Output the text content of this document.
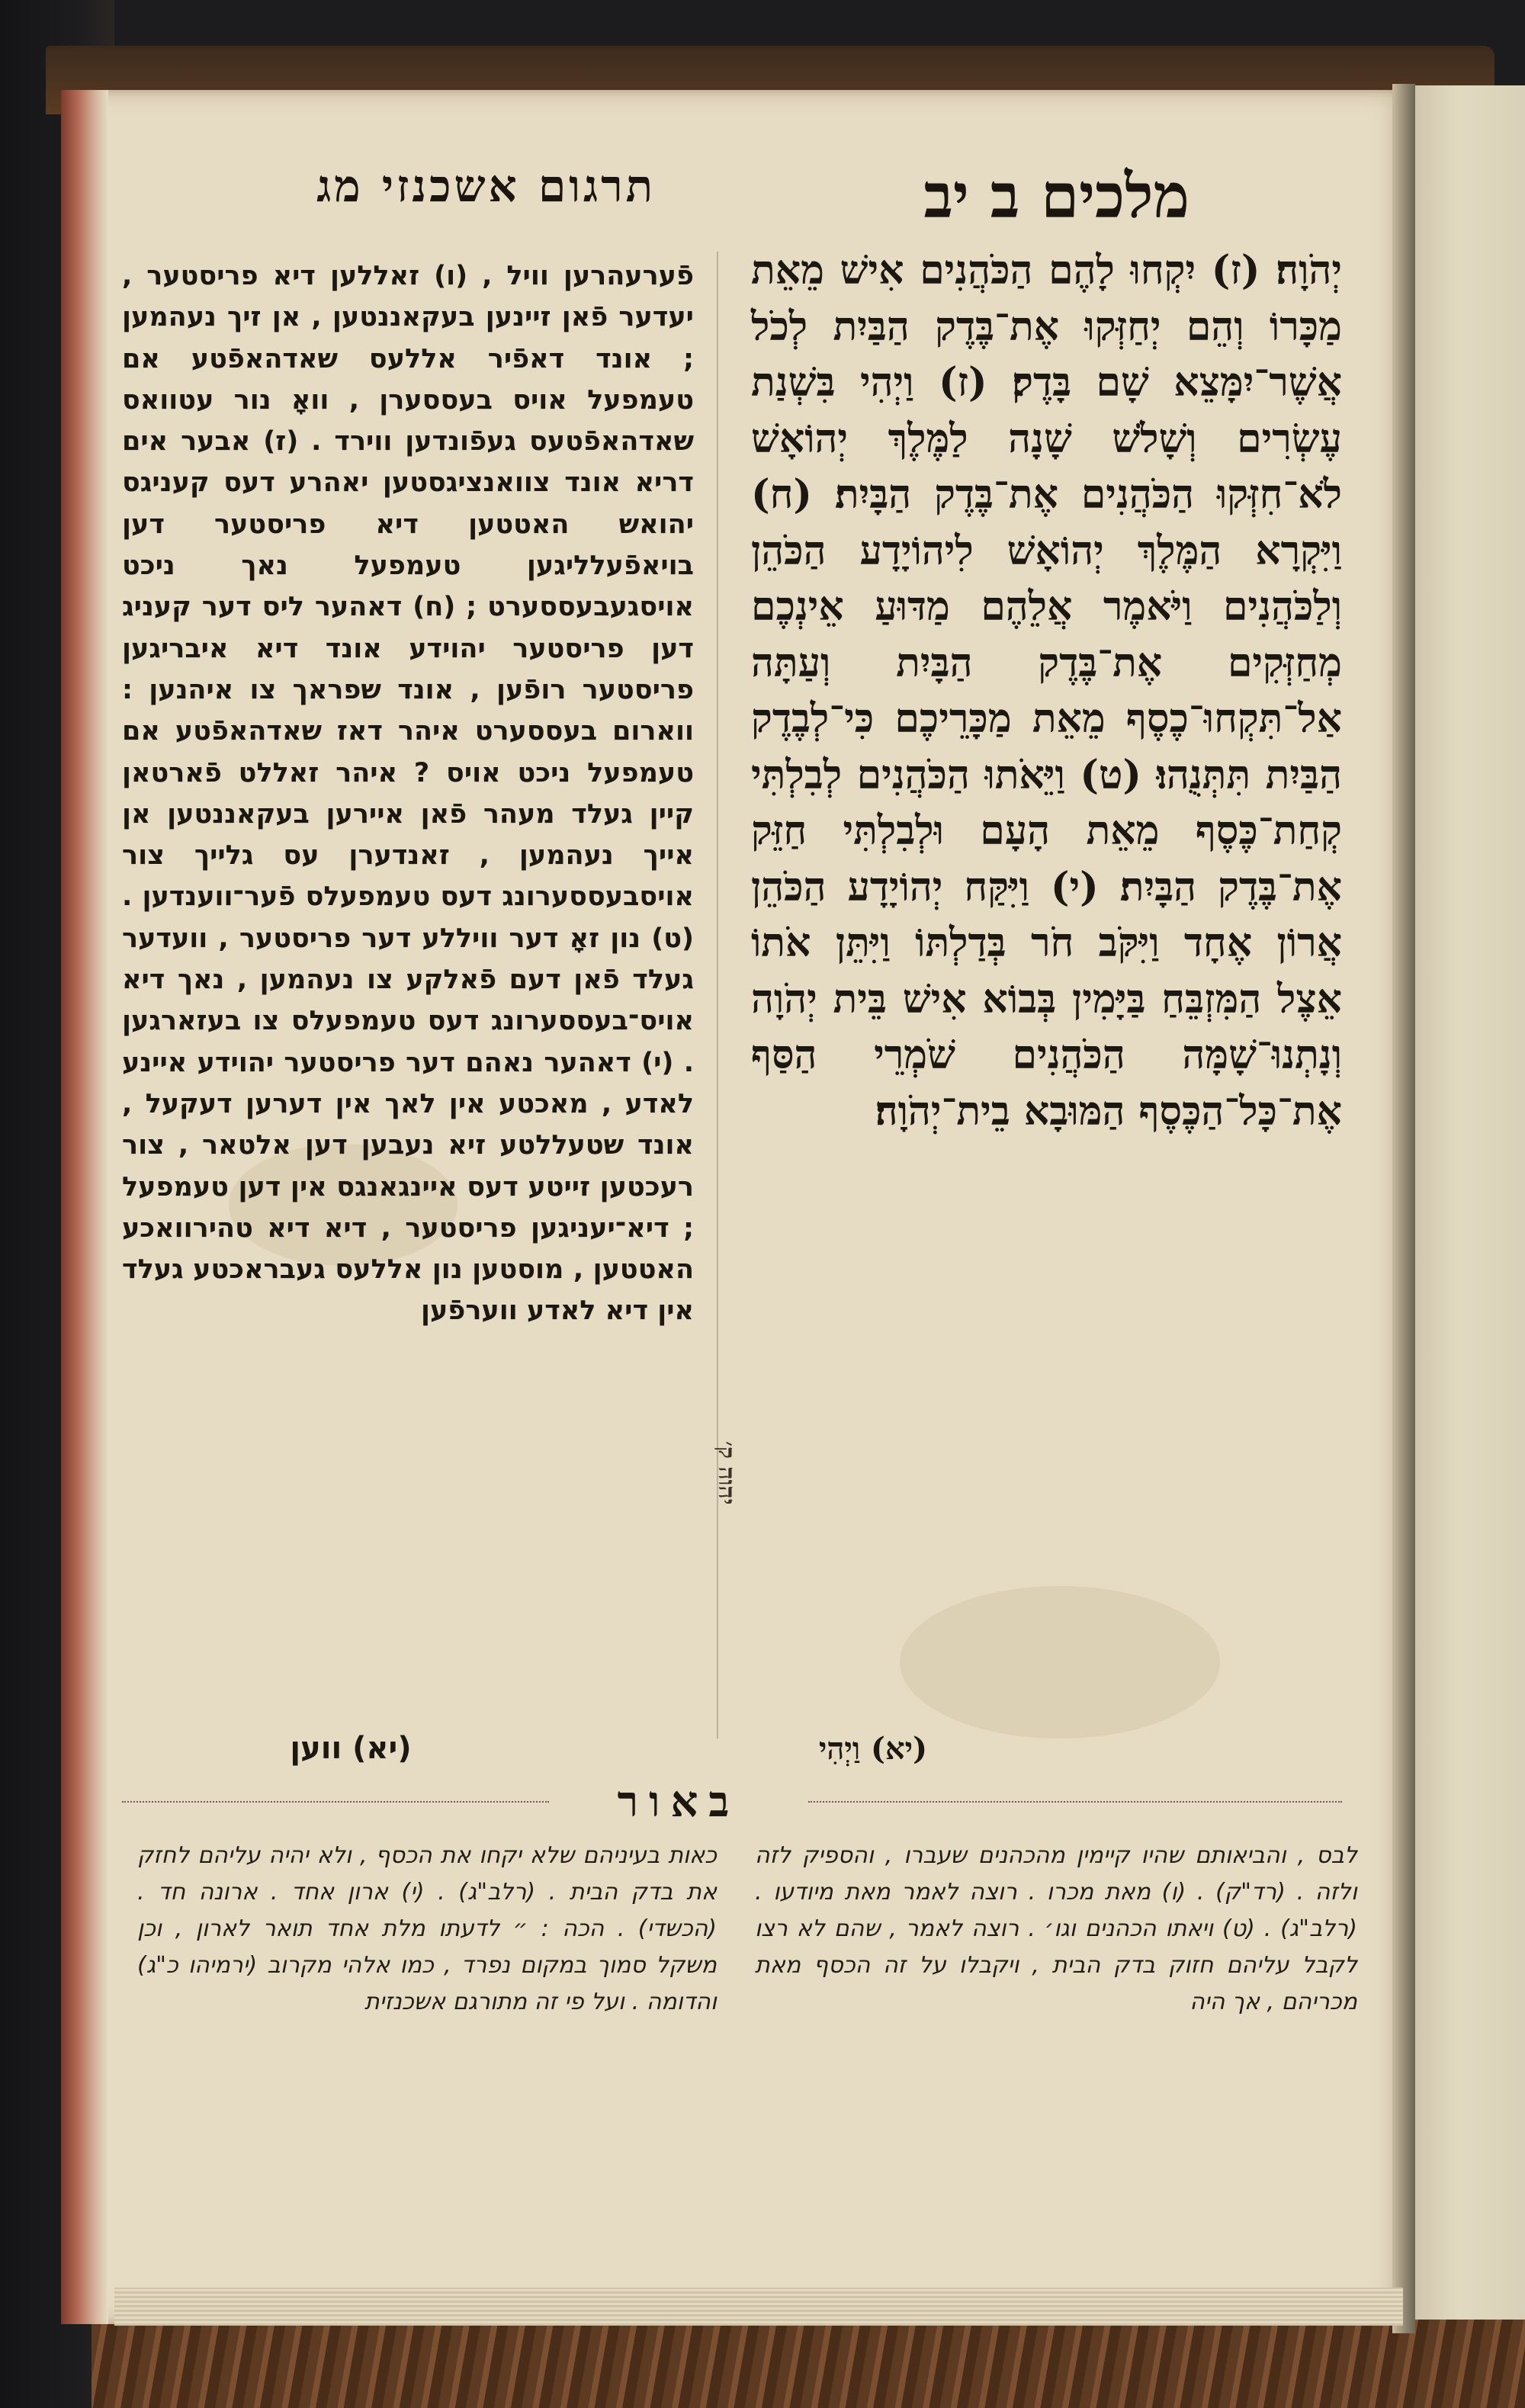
מלכים ב יב
תרגום אשכנזי מג

יְהֹוָה׃ (ז) יִקְחוּ לָהֶם הַכֹּהֲנִים אִישׁ מֵאֵת מַכָּרוֹ וְהֵם יְחַזְּקוּ אֶת־בֶּדֶק הַבַּיִת לְכֹל אֲשֶׁר־יִמָּצֵא שָׁם בָּדֶק׃ (ז) וַיְהִי בִּשְׁנַת עֶשְׂרִים וְשָׁלֹשׁ שָׁנָה לַמֶּלֶךְ יְהוֹאָשׁ לֹא־חִזְּקוּ הַכֹּהֲנִים אֶת־בֶּדֶק הַבָּיִת׃ (ח) וַיִּקְרָא הַמֶּלֶךְ יְהוֹאָשׁ לִיהוֹיָדָע הַכֹּהֵן וְלַכֹּהֲנִים וַיֹּאמֶר אֲלֵהֶם מַדּוּעַ אֵינְכֶם מְחַזְּקִים אֶת־בֶּדֶק הַבָּיִת וְעַתָּה אַל־תִּקְחוּ־כֶסֶף מֵאֵת מַכָּרֵיכֶם כִּי־לְבֶדֶק הַבַּיִת תִּתְּנֻהוּ׃ (ט) וַיֵּאֹתוּ הַכֹּהֲנִים לְבִלְתִּי קְחַת־כֶּסֶף מֵאֵת הָעָם וּלְבִלְתִּי חַזֵּק אֶת־בֶּדֶק הַבָּיִת׃ (י) וַיִּקַּח יְהוֹיָדָע הַכֹּהֵן אֲרוֹן אֶחָד וַיִּקֹּב חֹר בְּדַלְתּוֹ וַיִּתֵּן אֹתוֹ אֵצֶל הַמִּזְבֵּחַ בַּיָּמִין בְּבוֹא אִישׁ בֵּית יְהֹוָה וְנָתְנוּ־שָׁמָּה הַכֹּהֲנִים שֹׁמְרֵי הַסַּף אֶת־כָּל־הַכֶּסֶף הַמּוּבָא בֵית־יְהֹוָה׃

פֿערעהרען וויל , (ו) זאללען דיא פריסטער , יעדער פֿאן זיינען בעקאננטען , אן זיך נעהמען ; אונד דאפֿיר אללעס שאדהאפֿטע אם טעמפעל אויס בעססערן , וואָ נור עטוואס שאדהאפֿטעס געפֿונדען ווירד . (ז) אבער אים דריא אונד צוואנציגסטען יאהרע דעס קעניגס יהואש האטטען דיא פריסטער דען בויאפֿעלליגען טעמפעל נאך ניכט אויסגעבעססערט ; (ח) דאהער ליס דער קעניג דען פריסטער יהוידע אונד דיא איבריגען פריסטער רופֿען , אונד שפראך צו איהנען : ווארום בעססערט איהר דאז שאדהאפֿטע אם טעמפעל ניכט אויס ? איהר זאללט פֿארטאן קיין געלד מעהר פֿאן איירען בעקאננטען אן אייך נעהמען , זאנדערן עס גלייך צור אויסבעססערונג דעס טעמפעלס פֿער־ווענדען . (ט) נון זאָ דער וויללע דער פריסטער , וועדער געלד פֿאן דעם פֿאלקע צו נעהמען , נאך דיא אויס־בעססערונג דעס טעמפעלס צו בעזארגען . (י) דאהער נאהם דער פריסטער יהוידע איינע לאדע , מאכטע אין לאך אין דערען דעקעל , אונד שטעללטע זיא נעבען דען אלטאר , צור רעכטען זייטע דעס איינגאנגס אין דען טעמפעל ; דיא־יעניגען פריסטער , דיא דיא טהירוואכע האטטען , מוסטען נון אללעס געבראכטע געלד אין דיא לאדע ווערפֿען

יהוה ק׳
(יא) וַיְהִי
(יא) ווען
באור

לבס , והביאותם שהיו קיימין מהכהנים שעברו , והספיק לזה ולזה . (רד"ק) . (ו) מאת מכרו . רוצה לאמר מאת מיודעו . (רלב"ג) . (ט) ויאתו הכהנים וגו׳ . רוצה לאמר , שהם לא רצו לקבל עליהם חזוק בדק הבית , ויקבלו על זה הכסף מאת מכריהם , אך היה

כאות בעיניהם שלא יקחו את הכסף , ולא יהיה עליהם לחזק את בדק הבית . (רלב"ג) . (י) ארון אחד . ארונה חד . (הכשדי) . הכה : ״ לדעתו מלת אחד תואר לארון , וכן משקל סמוך במקום נפרד , כמו אלהי מקרוב (ירמיהו כ"ג) והדומה . ועל פי זה מתורגם אשכנזית
